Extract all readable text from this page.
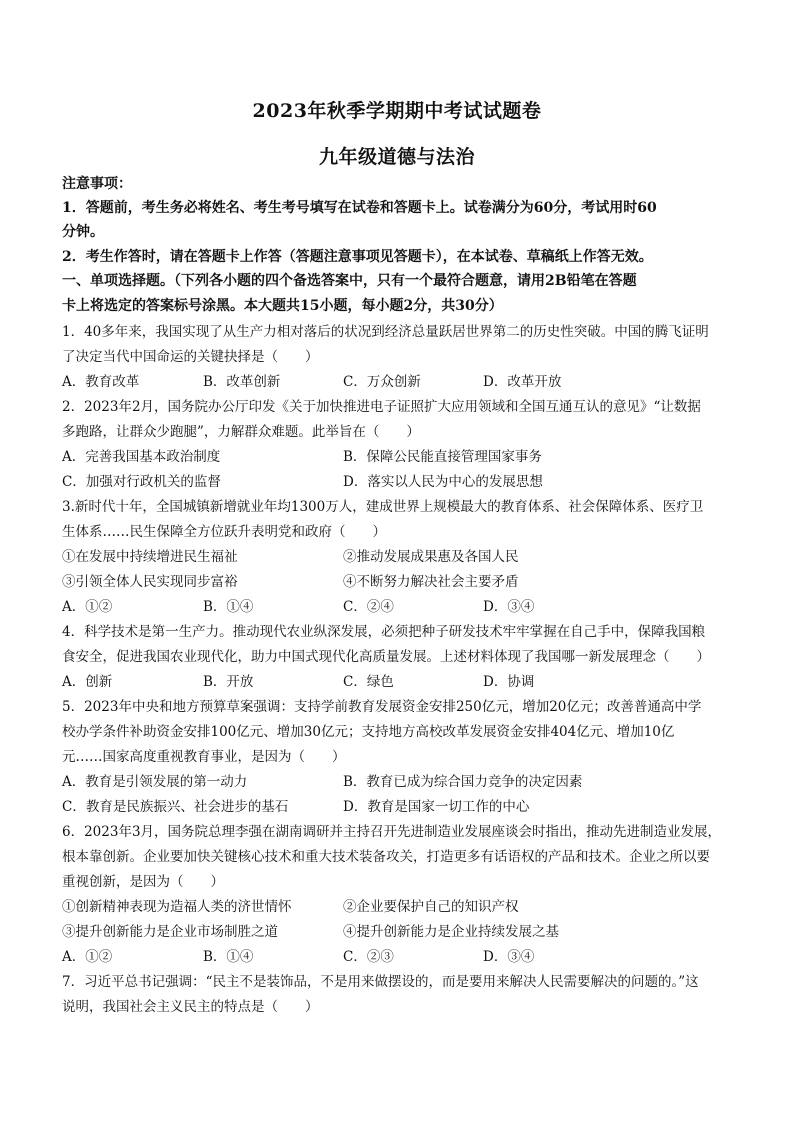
2023年秋季学期期中考试试题卷
九年级道德与法治
注意事项：
1．答题前，考生务必将姓名、考生考号填写在试卷和答题卡上。试卷满分为60分，考试用时60
分钟。
2．考生作答时，请在答题卡上作答（答题注意事项见答题卡），在本试卷、草稿纸上作答无效。
一、单项选择题。（下列各小题的四个备选答案中，只有一个最符合题意，请用2B铅笔在答题
卡上将选定的答案标号涂黑。本大题共15小题，每小题2分，共30分）
1．40多年来，我国实现了从生产力相对落后的状况到经济总量跃居世界第二的历史性突破。中国的腾飞证明
了决定当代中国命运的关键抉择是（　　）
A．教育改革	B．改革创新	C．万众创新	D．改革开放
2．2023年2月，国务院办公厅印发《关于加快推进电子证照扩大应用领域和全国互通互认的意见》“让数据
多跑路，让群众少跑腿”，力解群众难题。此举旨在（　　）
A．完善我国基本政治制度	B．保障公民能直接管理国家事务
C．加强对行政机关的监督	D．落实以人民为中心的发展思想
3.新时代十年，全国城镇新增就业年均1300万人，建成世界上规模最大的教育体系、社会保障体系、医疗卫
生体系……民生保障全方位跃升表明党和政府（　　）
①在发展中持续增进民生福祉	②推动发展成果惠及各国人民
③引领全体人民实现同步富裕	④不断努力解决社会主要矛盾
A．①②	B．①④	C．②④	D．③④
4．科学技术是第一生产力。推动现代农业纵深发展，必须把种子研发技术牢牢掌握在自己手中，保障我国粮
食安全，促进我国农业现代化，助力中国式现代化高质量发展。上述材料体现了我国哪一新发展理念（　　）
A．创新	B．开放	C．绿色	D．协调
5．2023年中央和地方预算草案强调：支持学前教育发展资金安排250亿元，增加20亿元；改善普通高中学
校办学条件补助资金安排100亿元、增加30亿元；支持地方高校改革发展资金安排404亿元、增加10亿
元……国家高度重视教育事业，是因为（　　）
A．教育是引领发展的第一动力	B．教育已成为综合国力竞争的决定因素
C．教育是民族振兴、社会进步的基石	D．教育是国家一切工作的中心
6．2023年3月，国务院总理李强在湖南调研并主持召开先进制造业发展座谈会时指出，推动先进制造业发展，
根本靠创新。企业要加快关键核心技术和重大技术装备攻关，打造更多有话语权的产品和技术。企业之所以要
重视创新，是因为（　　）
①创新精神表现为造福人类的济世情怀	②企业要保护自己的知识产权
③提升创新能力是企业市场制胜之道	④提升创新能力是企业持续发展之基
A．①②	B．①④	C．②③	D．③④
7．习近平总书记强调：“民主不是装饰品，不是用来做摆设的，而是要用来解决人民需要解决的问题的。”这
说明，我国社会主义民主的特点是（　　）
